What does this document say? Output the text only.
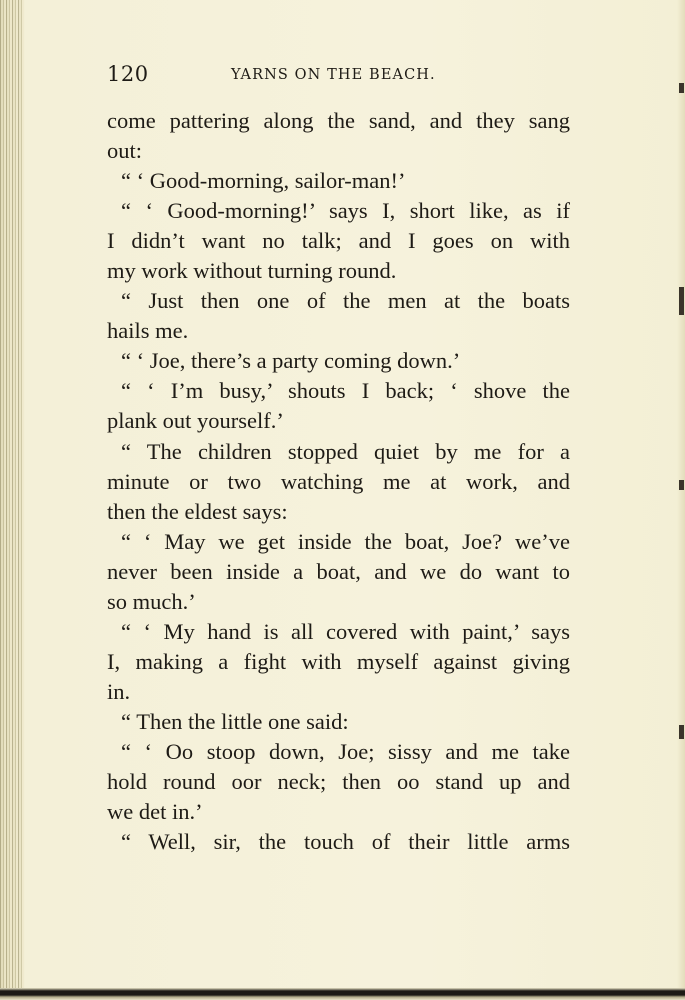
120	YARNS ON THE BEACH.
come pattering along the sand, and they sang
out:
“ ‘ Good-morning, sailor-man!’
“ ‘ Good-morning!’ says I, short like, as if
I didn’t want no talk; and I goes on with
my work without turning round.
“ Just then one of the men at the boats
hails me.
“ ‘ Joe, there’s a party coming down.’
“ ‘ I’m busy,’ shouts I back; ‘ shove the
plank out yourself.’
“ The children stopped quiet by me for a
minute or two watching me at work, and
then the eldest says:
“ ‘ May we get inside the boat, Joe? we’ve
never been inside a boat, and we do want to
so much.’
“ ‘ My hand is all covered with paint,’ says
I, making a fight with myself against giving
in.
“ Then the little one said:
“ ‘ Oo stoop down, Joe; sissy and me take
hold round oor neck; then oo stand up and
we det in.’
“ Well, sir, the touch of their little arms
